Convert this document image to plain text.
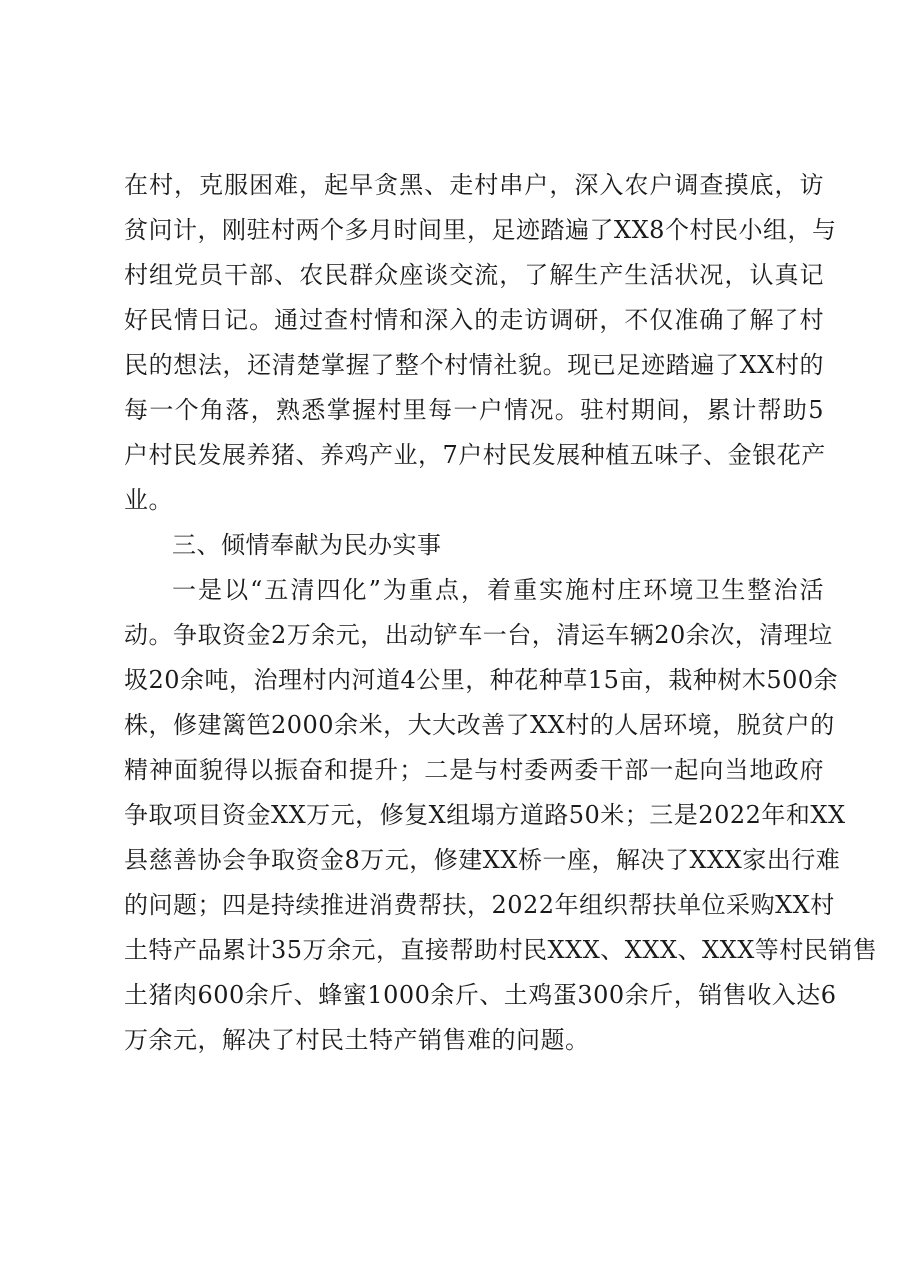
在村，克服困难，起早贪黑、走村串户，深入农户调查摸底，访
贫问计，刚驻村两个多月时间里，足迹踏遍了XX8个村民小组，与
村组党员干部、农民群众座谈交流，了解生产生活状况，认真记
好民情日记。通过查村情和深入的走访调研，不仅准确了解了村
民的想法，还清楚掌握了整个村情社貌。现已足迹踏遍了XX村的
每一个角落，熟悉掌握村里每一户情况。驻村期间，累计帮助5
户村民发展养猪、养鸡产业，7户村民发展种植五味子、金银花产
业。
三、倾情奉献为民办实事
一是以“五清四化”为重点，着重实施村庄环境卫生整治活
动。争取资金2万余元，出动铲车一台，清运车辆20余次，清理垃
圾20余吨，治理村内河道4公里，种花种草15亩，栽种树木500余
株，修建篱笆2000余米，大大改善了XX村的人居环境，脱贫户的
精神面貌得以振奋和提升；二是与村委两委干部一起向当地政府
争取项目资金XX万元，修复X组塌方道路50米；三是2022年和XX
县慈善协会争取资金8万元，修建XX桥一座，解决了XXX家出行难
的问题；四是持续推进消费帮扶，2022年组织帮扶单位采购XX村
土特产品累计35万余元，直接帮助村民XXX、XXX、XXX等村民销售
土猪肉600余斤、蜂蜜1000余斤、土鸡蛋300余斤，销售收入达6
万余元，解决了村民土特产销售难的问题。
